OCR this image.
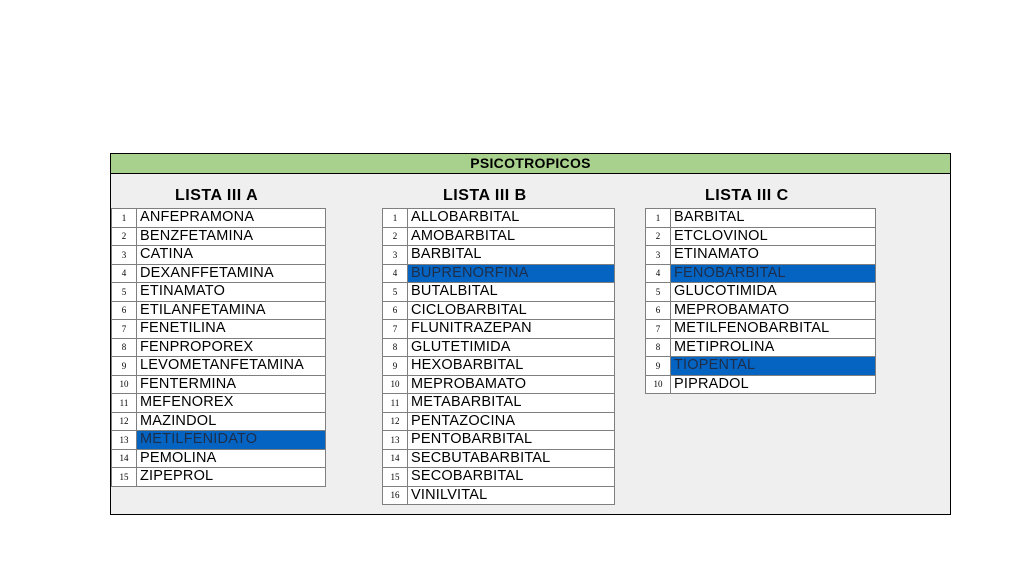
PSICOTROPICOS
LISTA III A
1	ANFEPRAMONA
2	BENZFETAMINA
3	CATINA
4	DEXANFFETAMINA
5	ETINAMATO
6	ETILANFETAMINA
7	FENETILINA
8	FENPROPOREX
9	LEVOMETANFETAMINA
10	FENTERMINA
11	MEFENOREX
12	MAZINDOL
13	METILFENIDATO
14	PEMOLINA
15	ZIPEPROL
LISTA III B
1	ALLOBARBITAL
2	AMOBARBITAL
3	BARBITAL
4	BUPRENORFINA
5	BUTALBITAL
6	CICLOBARBITAL
7	FLUNITRAZEPAN
8	GLUTETIMIDA
9	HEXOBARBITAL
10	MEPROBAMATO
11	METABARBITAL
12	PENTAZOCINA
13	PENTOBARBITAL
14	SECBUTABARBITAL
15	SECOBARBITAL
16	VINILVITAL
LISTA III C
1	BARBITAL
2	ETCLOVINOL
3	ETINAMATO
4	FENOBARBITAL
5	GLUCOTIMIDA
6	MEPROBAMATO
7	METILFENOBARBITAL
8	METIPROLINA
9	TIOPENTAL
10	PIPRADOL
